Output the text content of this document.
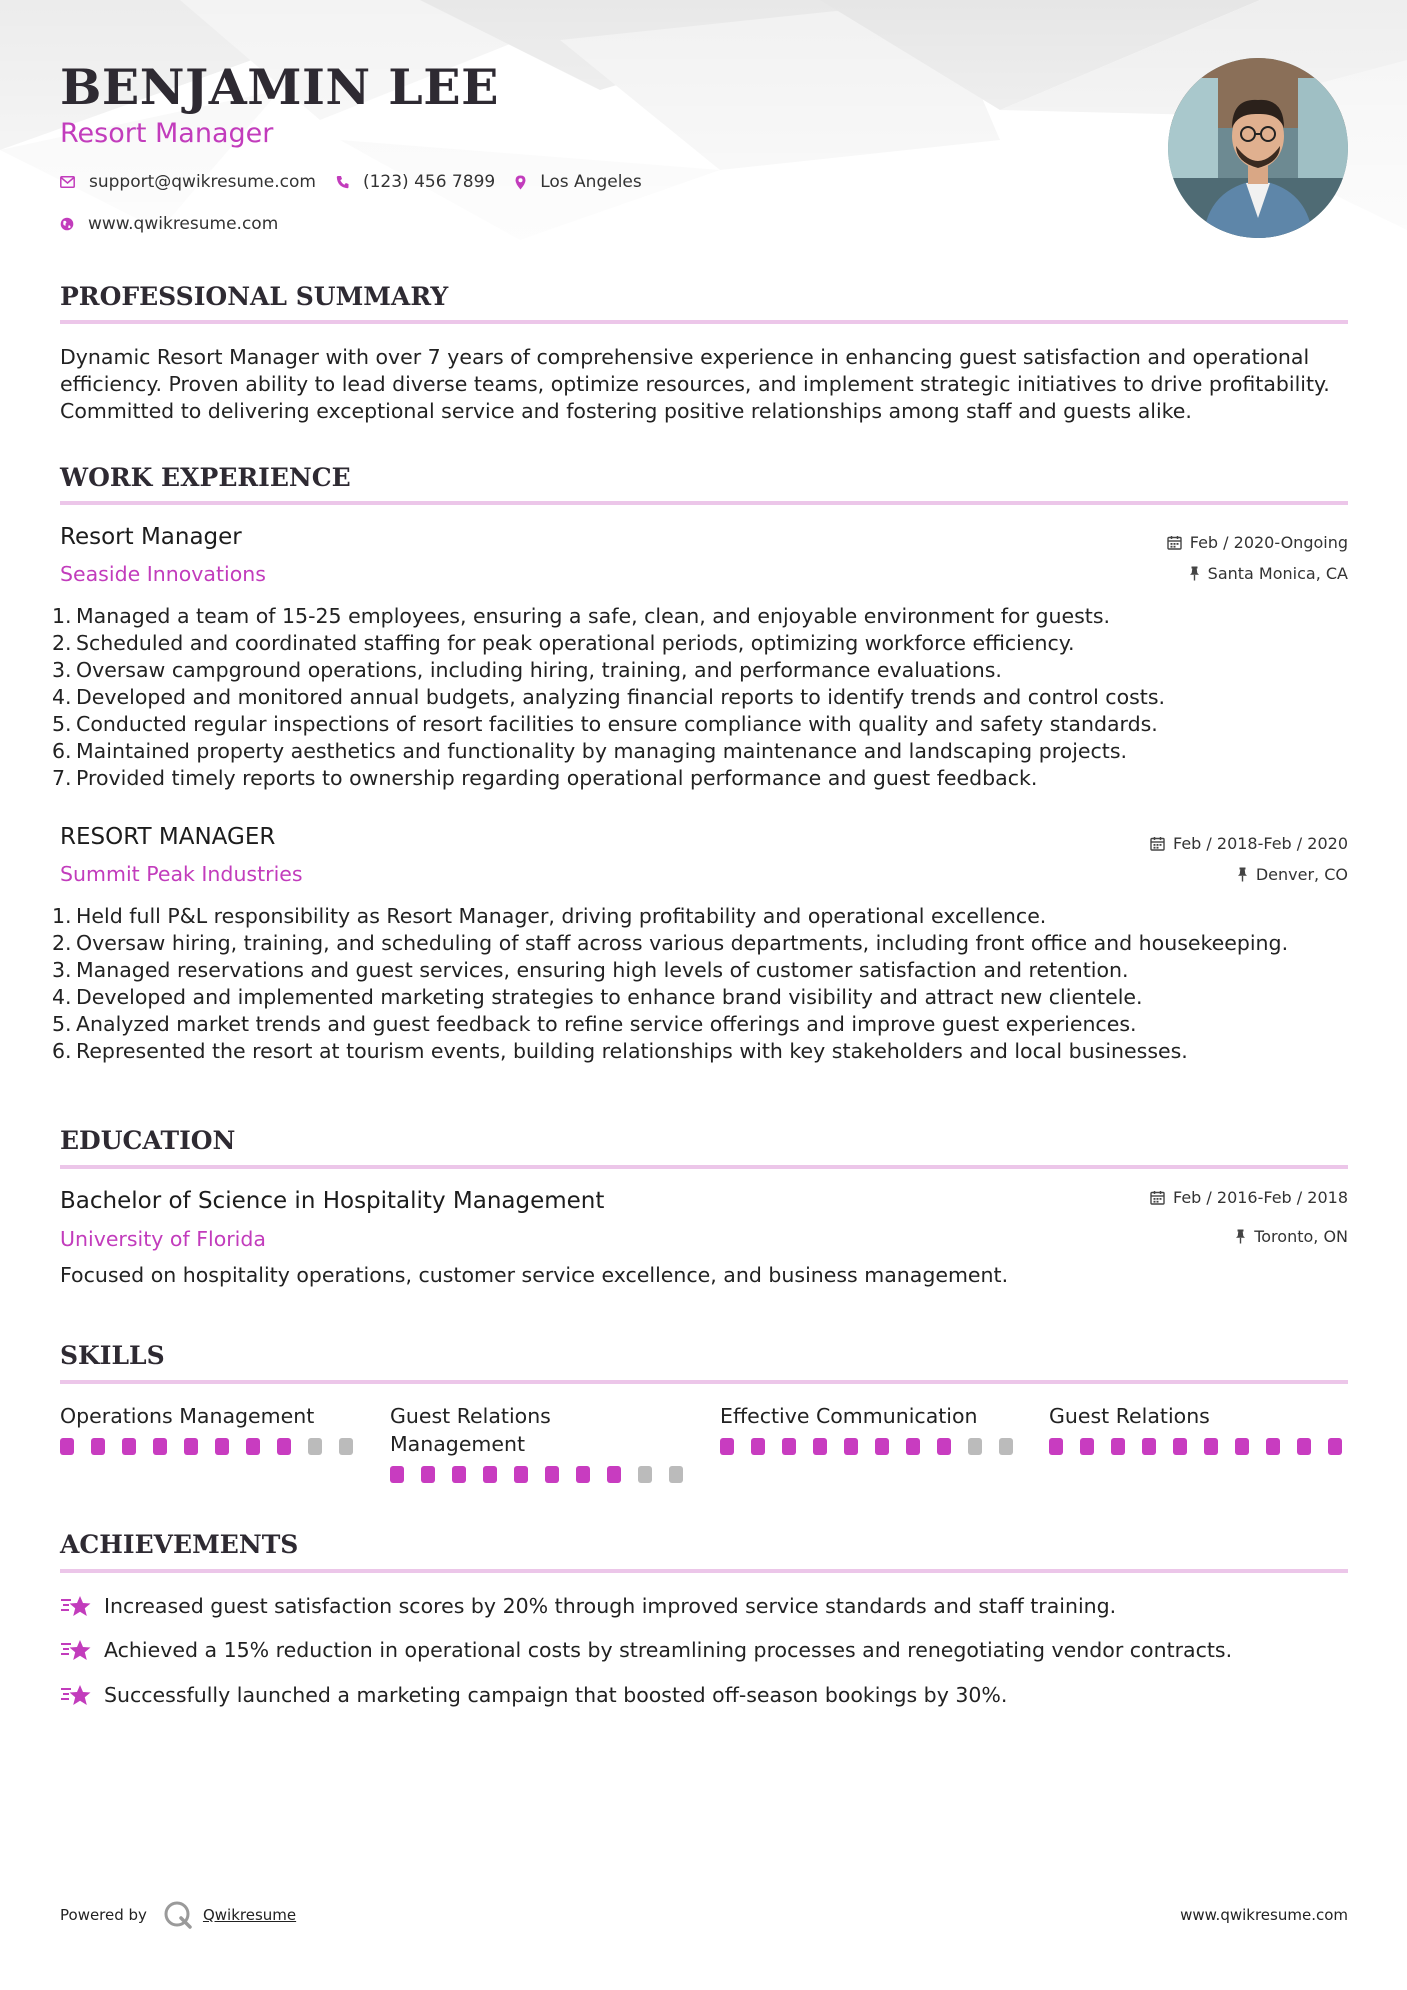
BENJAMIN LEE
Resort Manager
support@qwikresume.com	(123) 456 7899	Los Angeles
www.qwikresume.com
PROFESSIONAL SUMMARY
Dynamic Resort Manager with over 7 years of comprehensive experience in enhancing guest satisfaction and operational efficiency. Proven ability to lead diverse teams, optimize resources, and implement strategic initiatives to drive profitability. Committed to delivering exceptional service and fostering positive relationships among staff and guests alike.
WORK EXPERIENCE
Resort Manager
Seaside Innovations
Feb / 2020-Ongoing
Santa Monica, CA
1. Managed a team of 15-25 employees, ensuring a safe, clean, and enjoyable environment for guests.
2. Scheduled and coordinated staffing for peak operational periods, optimizing workforce efficiency.
3. Oversaw campground operations, including hiring, training, and performance evaluations.
4. Developed and monitored annual budgets, analyzing financial reports to identify trends and control costs.
5. Conducted regular inspections of resort facilities to ensure compliance with quality and safety standards.
6. Maintained property aesthetics and functionality by managing maintenance and landscaping projects.
7. Provided timely reports to ownership regarding operational performance and guest feedback.
RESORT MANAGER
Summit Peak Industries
Feb / 2018-Feb / 2020
Denver, CO
1. Held full P&L responsibility as Resort Manager, driving profitability and operational excellence.
2. Oversaw hiring, training, and scheduling of staff across various departments, including front office and housekeeping.
3. Managed reservations and guest services, ensuring high levels of customer satisfaction and retention.
4. Developed and implemented marketing strategies to enhance brand visibility and attract new clientele.
5. Analyzed market trends and guest feedback to refine service offerings and improve guest experiences.
6. Represented the resort at tourism events, building relationships with key stakeholders and local businesses.
EDUCATION
Bachelor of Science in Hospitality Management
University of Florida
Feb / 2016-Feb / 2018
Toronto, ON
Focused on hospitality operations, customer service excellence, and business management.
SKILLS
Operations Management	Guest Relations Management
Effective Communication	Guest Relations
ACHIEVEMENTS
Increased guest satisfaction scores by 20% through improved service standards and staff training.
Achieved a 15% reduction in operational costs by streamlining processes and renegotiating vendor contracts.
Successfully launched a marketing campaign that boosted off-season bookings by 30%.
Powered by	Qwikresume	www.qwikresume.com
